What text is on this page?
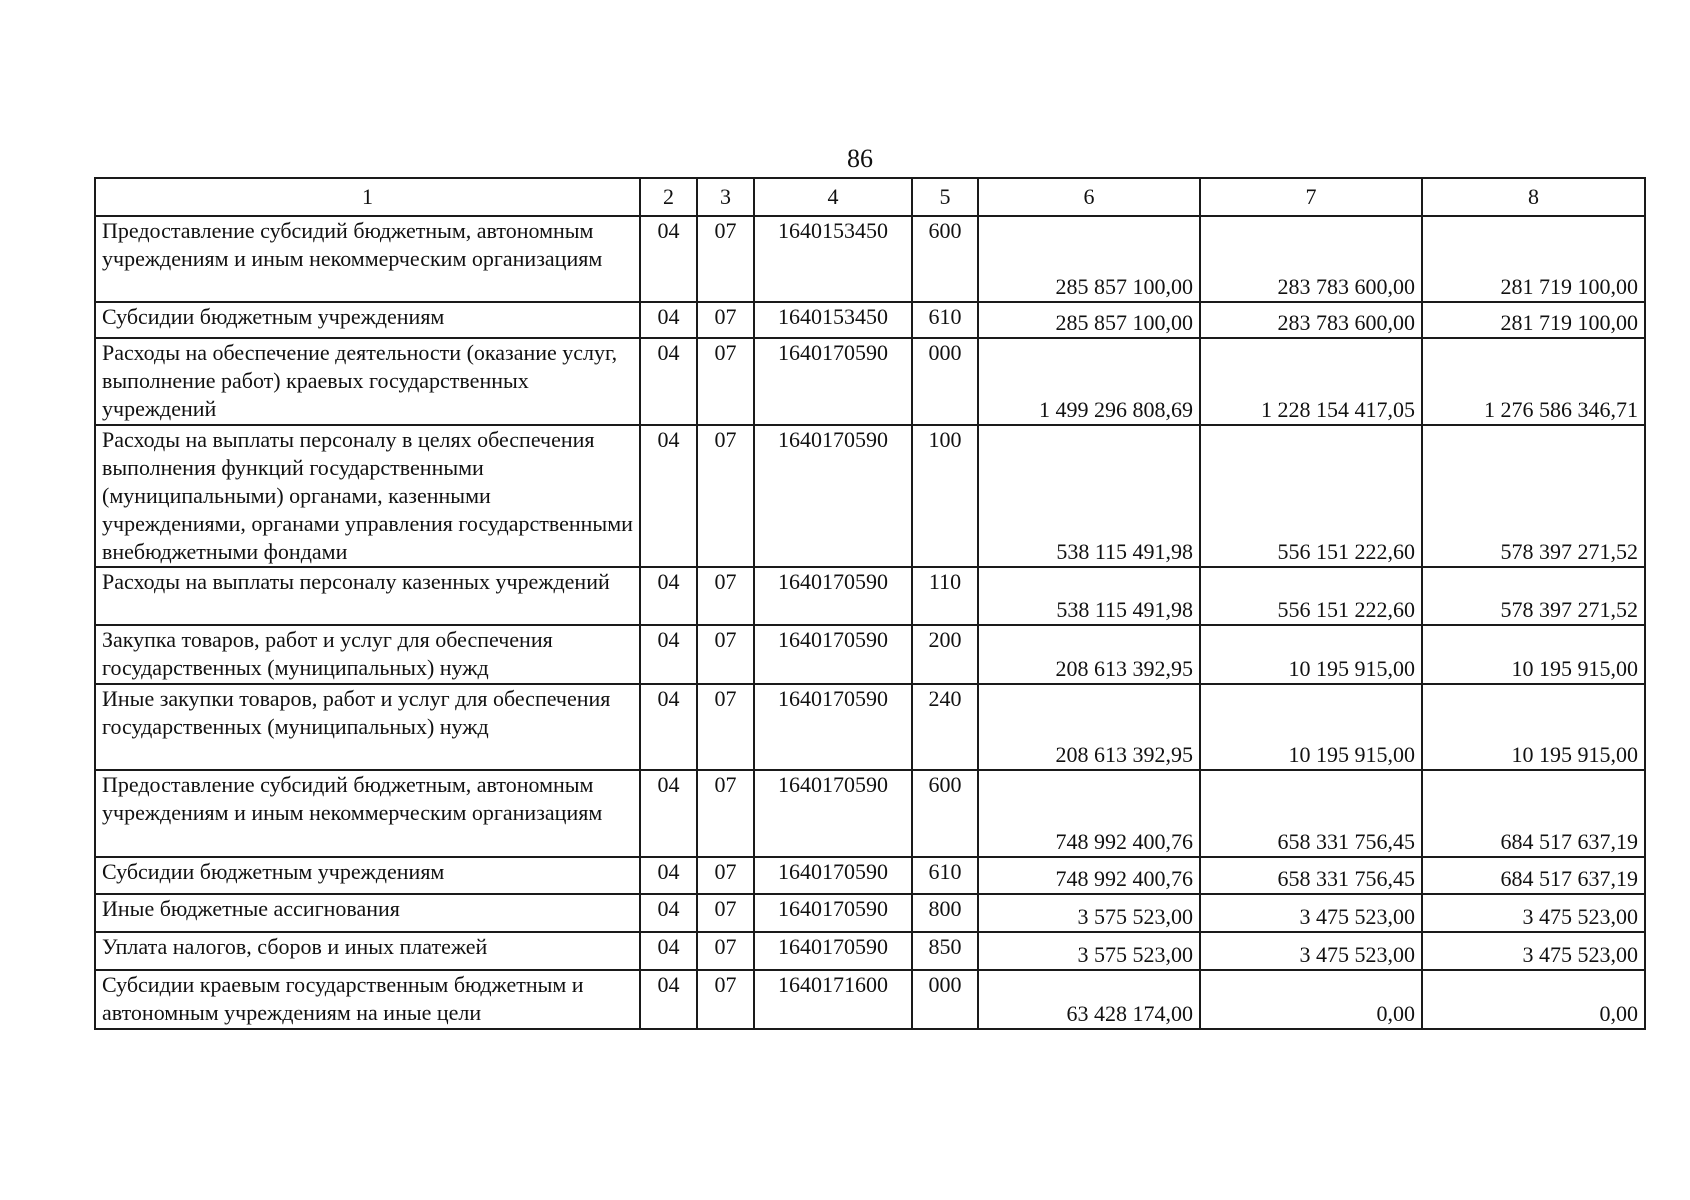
86
1	2	3	4	5	6	7	8
Предоставление субсидий бюджетным, автономным учреждениям и иным некоммерческим организациям	04	07	1640153450	600	285 857 100,00	283 783 600,00	281 719 100,00
Субсидии бюджетным учреждениям	04	07	1640153450	610	285 857 100,00	283 783 600,00	281 719 100,00
Расходы на обеспечение деятельности (оказание услуг, выполнение работ) краевых государственных учреждений	04	07	1640170590	000	1 499 296 808,69	1 228 154 417,05	1 276 586 346,71
Расходы на выплаты персоналу в целях обеспечения выполнения функций государственными (муниципальными) органами, казенными учреждениями, органами управления государственными внебюджетными фондами	04	07	1640170590	100	538 115 491,98	556 151 222,60	578 397 271,52
Расходы на выплаты персоналу казенных учреждений	04	07	1640170590	110	538 115 491,98	556 151 222,60	578 397 271,52
Закупка товаров, работ и услуг для обеспечения государственных (муниципальных) нужд	04	07	1640170590	200	208 613 392,95	10 195 915,00	10 195 915,00
Иные закупки товаров, работ и услуг для обеспечения государственных (муниципальных) нужд	04	07	1640170590	240	208 613 392,95	10 195 915,00	10 195 915,00
Предоставление субсидий бюджетным, автономным учреждениям и иным некоммерческим организациям	04	07	1640170590	600	748 992 400,76	658 331 756,45	684 517 637,19
Субсидии бюджетным учреждениям	04	07	1640170590	610	748 992 400,76	658 331 756,45	684 517 637,19
Иные бюджетные ассигнования	04	07	1640170590	800	3 575 523,00	3 475 523,00	3 475 523,00
Уплата налогов, сборов и иных платежей	04	07	1640170590	850	3 575 523,00	3 475 523,00	3 475 523,00
Субсидии краевым государственным бюджетным и автономным учреждениям на иные цели	04	07	1640171600	000	63 428 174,00	0,00	0,00
